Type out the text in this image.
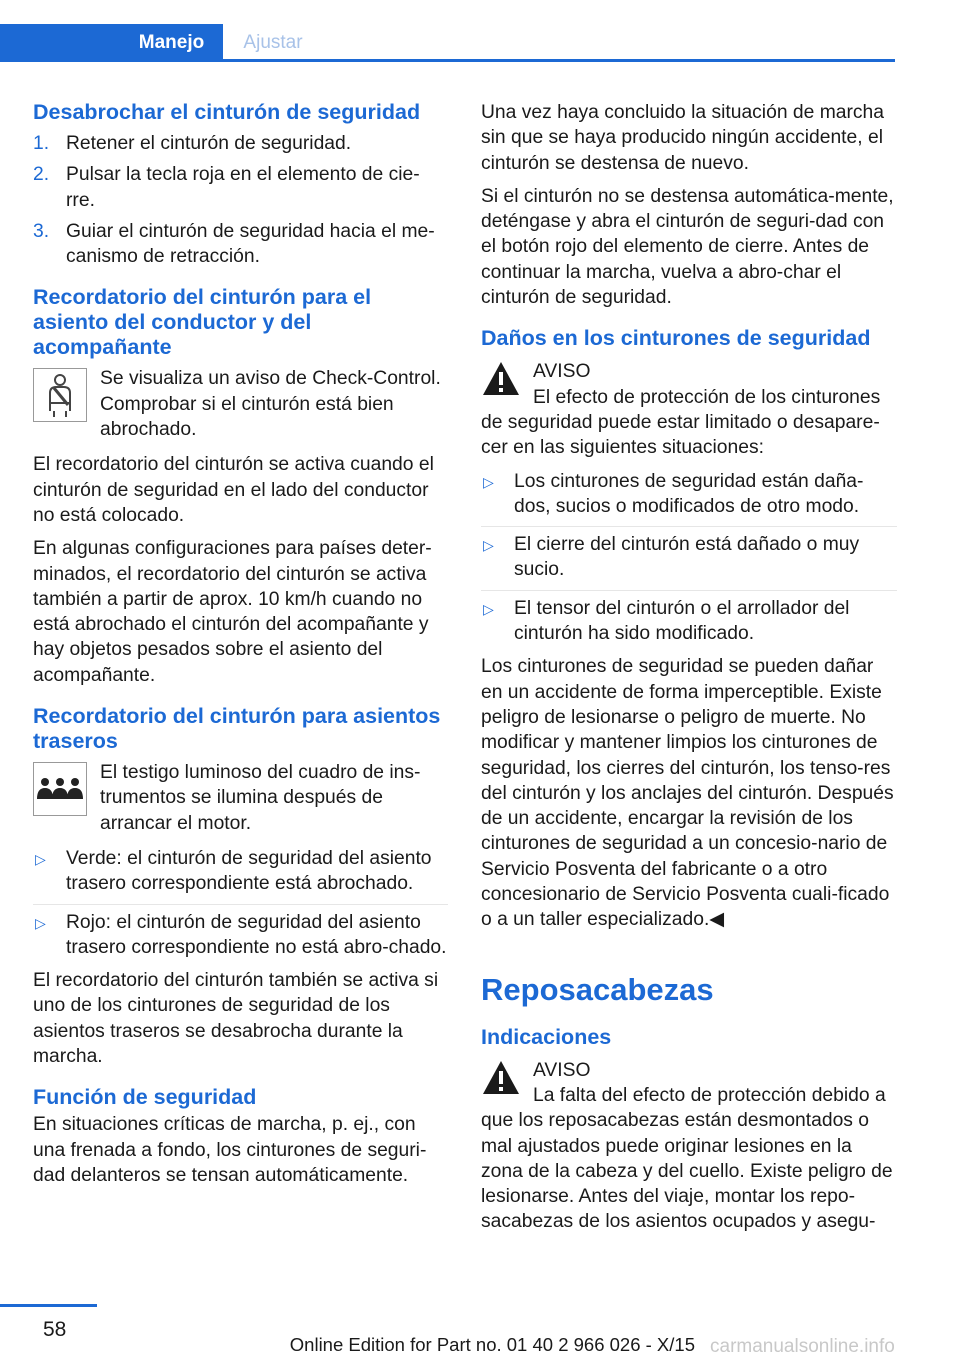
Manejo	Ajustar
Desabrochar el cinturón de seguridad
1. Retener el cinturón de seguridad.
2. Pulsar la tecla roja en el elemento de cie-rre.
3. Guiar el cinturón de seguridad hacia el me-canismo de retracción.
Recordatorio del cinturón para el asiento del conductor y del acompañante
Se visualiza un aviso de Check-Control. Comprobar si el cinturón está bien abrochado.

El recordatorio del cinturón se activa cuando el cinturón de seguridad en el lado del conductor no está colocado.

En algunas configuraciones para países deter-minados, el recordatorio del cinturón se activa también a partir de aprox. 10 km/h cuando no está abrochado el cinturón del acompañante y hay objetos pesados sobre el asiento del acompañante.

Recordatorio del cinturón para asientos traseros
El testigo luminoso del cuadro de ins-trumentos se ilumina después de arrancar el motor.
▷ Verde: el cinturón de seguridad del asiento trasero correspondiente está abrochado.
▷ Rojo: el cinturón de seguridad del asiento trasero correspondiente no está abro-chado.

El recordatorio del cinturón también se activa si uno de los cinturones de seguridad de los asientos traseros se desabrocha durante la marcha.

Función de seguridad

En situaciones críticas de marcha, p. ej., con una frenada a fondo, los cinturones de seguri-dad delanteros se tensan automáticamente.

Una vez haya concluido la situación de marcha sin que se haya producido ningún accidente, el cinturón se destensa de nuevo.

Si el cinturón no se destensa automática-mente, deténgase y abra el cinturón de seguri-dad con el botón rojo del elemento de cierre. Antes de continuar la marcha, vuelva a abro-char el cinturón de seguridad.

Daños en los cinturones de seguridad
AVISO
El efecto de protección de los cinturones de seguridad puede estar limitado o desapare-cer en las siguientes situaciones:
▷ Los cinturones de seguridad están daña-dos, sucios o modificados de otro modo.
▷ El cierre del cinturón está dañado o muy sucio.
▷ El tensor del cinturón o el arrollador del cinturón ha sido modificado.

Los cinturones de seguridad se pueden dañar en un accidente de forma imperceptible. Existe peligro de lesionarse o peligro de muerte. No modificar y mantener limpios los cinturones de seguridad, los cierres del cinturón, los tenso-res del cinturón y los anclajes del cinturón. Después de un accidente, encargar la revisión de los cinturones de seguridad a un concesio-nario de Servicio Posventa del fabricante o a otro concesionario de Servicio Posventa cuali-ficado o a un taller especializado.◀

Reposacabezas
Indicaciones
AVISO
La falta del efecto de protección debido a que los reposacabezas están desmontados o mal ajustados puede originar lesiones en la zona de la cabeza y del cuello. Existe peligro de lesionarse. Antes del viaje, montar los repo-sacabezas de los asientos ocupados y asegu-
58
Online Edition for Part no. 01 40 2 966 026 - X/15 carmanualsonline.info
